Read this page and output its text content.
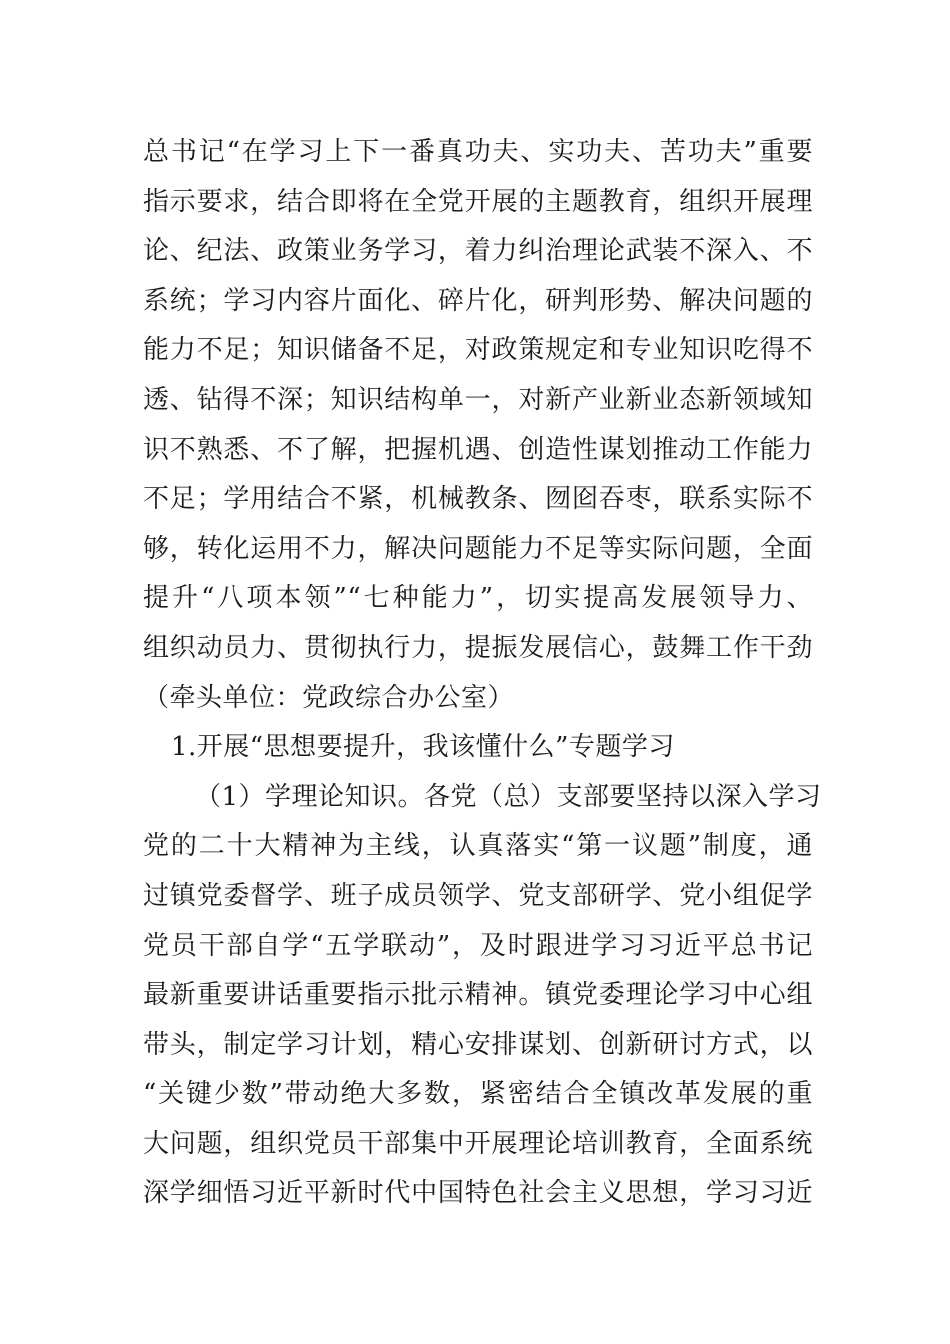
总书记“在学习上下一番真功夫、实功夫、苦功夫”重要
指示要求，结合即将在全党开展的主题教育，组织开展理
论、纪法、政策业务学习，着力纠治理论武装不深入、不
系统；学习内容片面化、碎片化，研判形势、解决问题的
能力不足；知识储备不足，对政策规定和专业知识吃得不
透、钻得不深；知识结构单一，对新产业新业态新领域知
识不熟悉、不了解，把握机遇、创造性谋划推动工作能力
不足；学用结合不紧，机械教条、囫囵吞枣，联系实际不
够，转化运用不力，解决问题能力不足等实际问题，全面
提升“八项本领”“七种能力”，切实提高发展领导力、
组织动员力、贯彻执行力，提振发展信心，鼓舞工作干劲
（牵头单位：党政综合办公室）
1.开展“思想要提升，我该懂什么”专题学习
（1）学理论知识。各党（总）支部要坚持以深入学习
党的二十大精神为主线，认真落实“第一议题”制度，通
过镇党委督学、班子成员领学、党支部研学、党小组促学
党员干部自学“五学联动”，及时跟进学习习近平总书记
最新重要讲话重要指示批示精神。镇党委理论学习中心组
带头，制定学习计划，精心安排谋划、创新研讨方式，以
“关键少数”带动绝大多数，紧密结合全镇改革发展的重
大问题，组织党员干部集中开展理论培训教育，全面系统
深学细悟习近平新时代中国特色社会主义思想，学习习近
